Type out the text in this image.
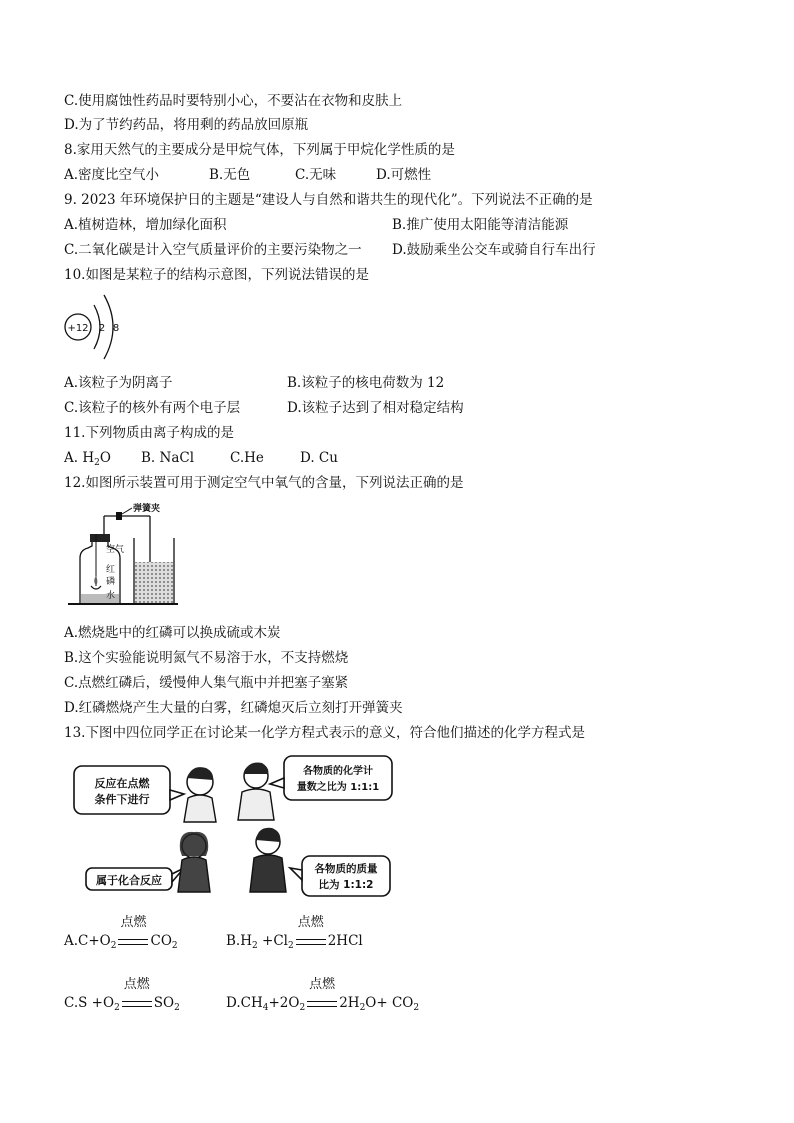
C.使用腐蚀性药品时要特别小心，不要沾在衣物和皮肤上
D.为了节约药品，将用剩的药品放回原瓶
8.家用天然气的主要成分是甲烷气体，下列属于甲烷化学性质的是
A.密度比空气小	B.无色	C.无味	D.可燃性
9. 2023 年环境保护日的主题是“建设人与自然和谐共生的现代化”。下列说法不正确的是
A.植树造林，增加绿化面积	B.推广使用太阳能等清洁能源
C.二氧化碳是计入空气质量评价的主要污染物之一 D.鼓励乘坐公交车或骑自行车出行
10.如图是某粒子的结构示意图，下列说法错误的是
+12 2 8
A.该粒子为阴离子	B.该粒子的核电荷数为 12
C.该粒子的核外有两个电子层	D.该粒子达到了相对稳定结构
11.下列物质由离子构成的是
A. $H_2O$ B. NaCl	C.He	D. Cu
12.如图所示装置可用于测定空气中氧气的含量，下列说法正确的是
弹簧夹
空气
红
磷
水
A.燃烧匙中的红磷可以换成硫或木炭
B.这个实验能说明氮气不易溶于水，不支持燃烧
C.点燃红磷后，缓慢伸人集气瓶中并把塞子塞紧
D.红磷燃烧产生大量的白雾，红磷熄灭后立刻打开弹簧夹
13.下图中四位同学正在讨论某一化学方程式表示的意义，符合他们描述的化学方程式是
反应在点燃
条件下进行
各物质的化学计
量数之比为 1:1:1
属于化合反应
各物质的质量
比为 1:1:2
$A.C+O_2$
点燃
$CO_2$	$B.H_2 +Cl_2$
点燃
2HCl
$C.S +O_2$
点燃
$SO_2$	$D.CH_4+2O_2$
点燃
$2H_2O+ CO_2$
